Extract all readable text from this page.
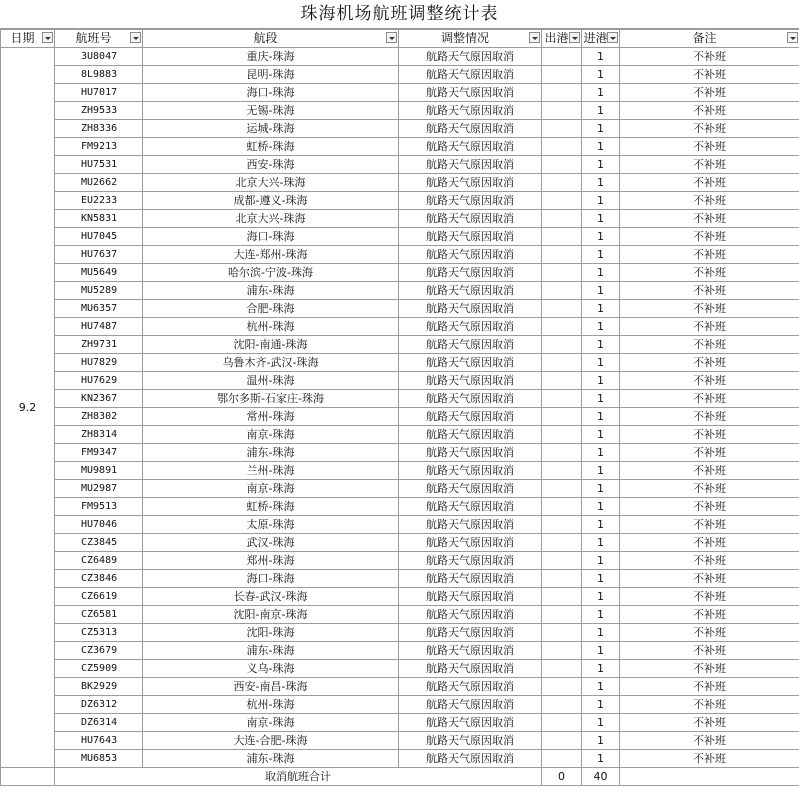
珠海机场航班调整统计表
日期	航班号	航段	调整情况	出港	进港	备注

9.2	3U8047	重庆-珠海	航路天气原因取消		1	不补班
	8L9883	昆明-珠海	航路天气原因取消		1	不补班
	HU7017	海口-珠海	航路天气原因取消		1	不补班
	ZH9533	无锡-珠海	航路天气原因取消		1	不补班
	ZH8336	运城-珠海	航路天气原因取消		1	不补班
	FM9213	虹桥-珠海	航路天气原因取消		1	不补班
	HU7531	西安-珠海	航路天气原因取消		1	不补班
	MU2662	北京大兴-珠海	航路天气原因取消		1	不补班
	EU2233	成都-遵义-珠海	航路天气原因取消		1	不补班
	KN5831	北京大兴-珠海	航路天气原因取消		1	不补班
	HU7045	海口-珠海	航路天气原因取消		1	不补班
	HU7637	大连-郑州-珠海	航路天气原因取消		1	不补班
	MU5649	哈尔滨-宁波-珠海	航路天气原因取消		1	不补班
	MU5289	浦东-珠海	航路天气原因取消		1	不补班
	MU6357	合肥-珠海	航路天气原因取消		1	不补班
	HU7487	杭州-珠海	航路天气原因取消		1	不补班
	ZH9731	沈阳-南通-珠海	航路天气原因取消		1	不补班
	HU7829	乌鲁木齐-武汉-珠海	航路天气原因取消		1	不补班
	HU7629	温州-珠海	航路天气原因取消		1	不补班
	KN2367	鄂尔多斯-石家庄-珠海	航路天气原因取消		1	不补班
	ZH8302	常州-珠海	航路天气原因取消		1	不补班
	ZH8314	南京-珠海	航路天气原因取消		1	不补班
	FM9347	浦东-珠海	航路天气原因取消		1	不补班
	MU9891	兰州-珠海	航路天气原因取消		1	不补班
	MU2987	南京-珠海	航路天气原因取消		1	不补班
	FM9513	虹桥-珠海	航路天气原因取消		1	不补班
	HU7046	太原-珠海	航路天气原因取消		1	不补班
	CZ3845	武汉-珠海	航路天气原因取消		1	不补班
	CZ6489	郑州-珠海	航路天气原因取消		1	不补班
	CZ3846	海口-珠海	航路天气原因取消		1	不补班
	CZ6619	长春-武汉-珠海	航路天气原因取消		1	不补班
	CZ6581	沈阳-南京-珠海	航路天气原因取消		1	不补班
	CZ5313	沈阳-珠海	航路天气原因取消		1	不补班
	CZ3679	浦东-珠海	航路天气原因取消		1	不补班
	CZ5909	义乌-珠海	航路天气原因取消		1	不补班
	BK2929	西安-南昌-珠海	航路天气原因取消		1	不补班
	DZ6312	杭州-珠海	航路天气原因取消		1	不补班
	DZ6314	南京-珠海	航路天气原因取消		1	不补班
	HU7643	大连-合肥-珠海	航路天气原因取消		1	不补班
	MU6853	浦东-珠海	航路天气原因取消		1	不补班
	取消航班合计			0	40	
